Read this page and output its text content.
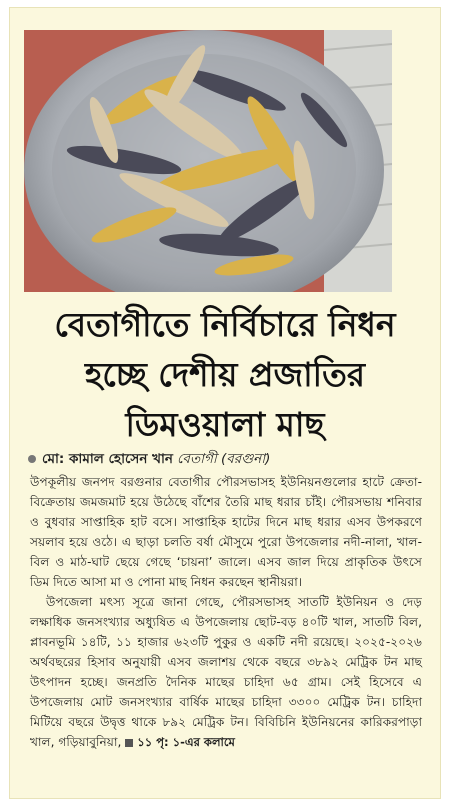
বেতাগীতে নির্বিচারে নিধন
হচ্ছে দেশীয় প্রজাতির
ডিমওয়ালা মাছ
মো: কামাল হোসেন খান বেতাগী (বরগুনা)

উপকূলীয় জনপদ বরগুনার বেতাগীর পৌরসভাসহ ইউনিয়নগুলোর হাটে ক্রেতা-বিক্রেতায় জমজমাট হয়ে উঠেছে বাঁশের তৈরি মাছ ধরার চাঁই। পৌরসভায় শনিবার ও বুধবার সাপ্তাহিক হাট বসে। সাপ্তাহিক হাটের দিনে মাছ ধরার এসব উপকরণে সয়লাব হয়ে ওঠে। এ ছাড়া চলতি বর্ষা মৌসুমে পুরো উপজেলার নদী-নালা, খাল-বিল ও মাঠ-ঘাট ছেয়ে গেছে ‘চায়না’ জালে। এসব জাল দিয়ে প্রাকৃতিক উৎসে ডিম দিতে আসা মা ও পোনা মাছ নিধন করছেন স্থানীয়রা।

উপজেলা মৎস্য সূত্রে জানা গেছে, পৌরসভাসহ সাতটি ইউনিয়ন ও দেড় লক্ষাধিক জনসংখ্যার অধ্যুষিত এ উপজেলায় ছোট-বড় ৪০টি খাল, সাতটি বিল, প্লাবনভূমি ১৪টি, ১১ হাজার ৬২৩টি পুকুর ও একটি নদী রয়েছে। ২০২৫-২০২৬ অর্থবছরের হিসাব অনুযায়ী এসব জলাশয় থেকে বছরে ৩৮৯২ মেট্রিক টন মাছ উৎপাদন হচ্ছে। জনপ্রতি দৈনিক মাছের চাহিদা ৬৫ গ্রাম। সেই হিসেবে এ উপজেলায় মোট জনসংখ্যার বার্ষিক মাছের চাহিদা ৩৩০০ মেট্রিক টন। চাহিদা মিটিয়ে বছরে উদ্বৃত্ত থাকে ৮৯২ মেট্রিক টন। বিবিচিনি ইউনিয়নের কারিকরপাড়া খাল, গড়িয়াবুনিয়া, ১১ পৃ: ১-এর কলামে
